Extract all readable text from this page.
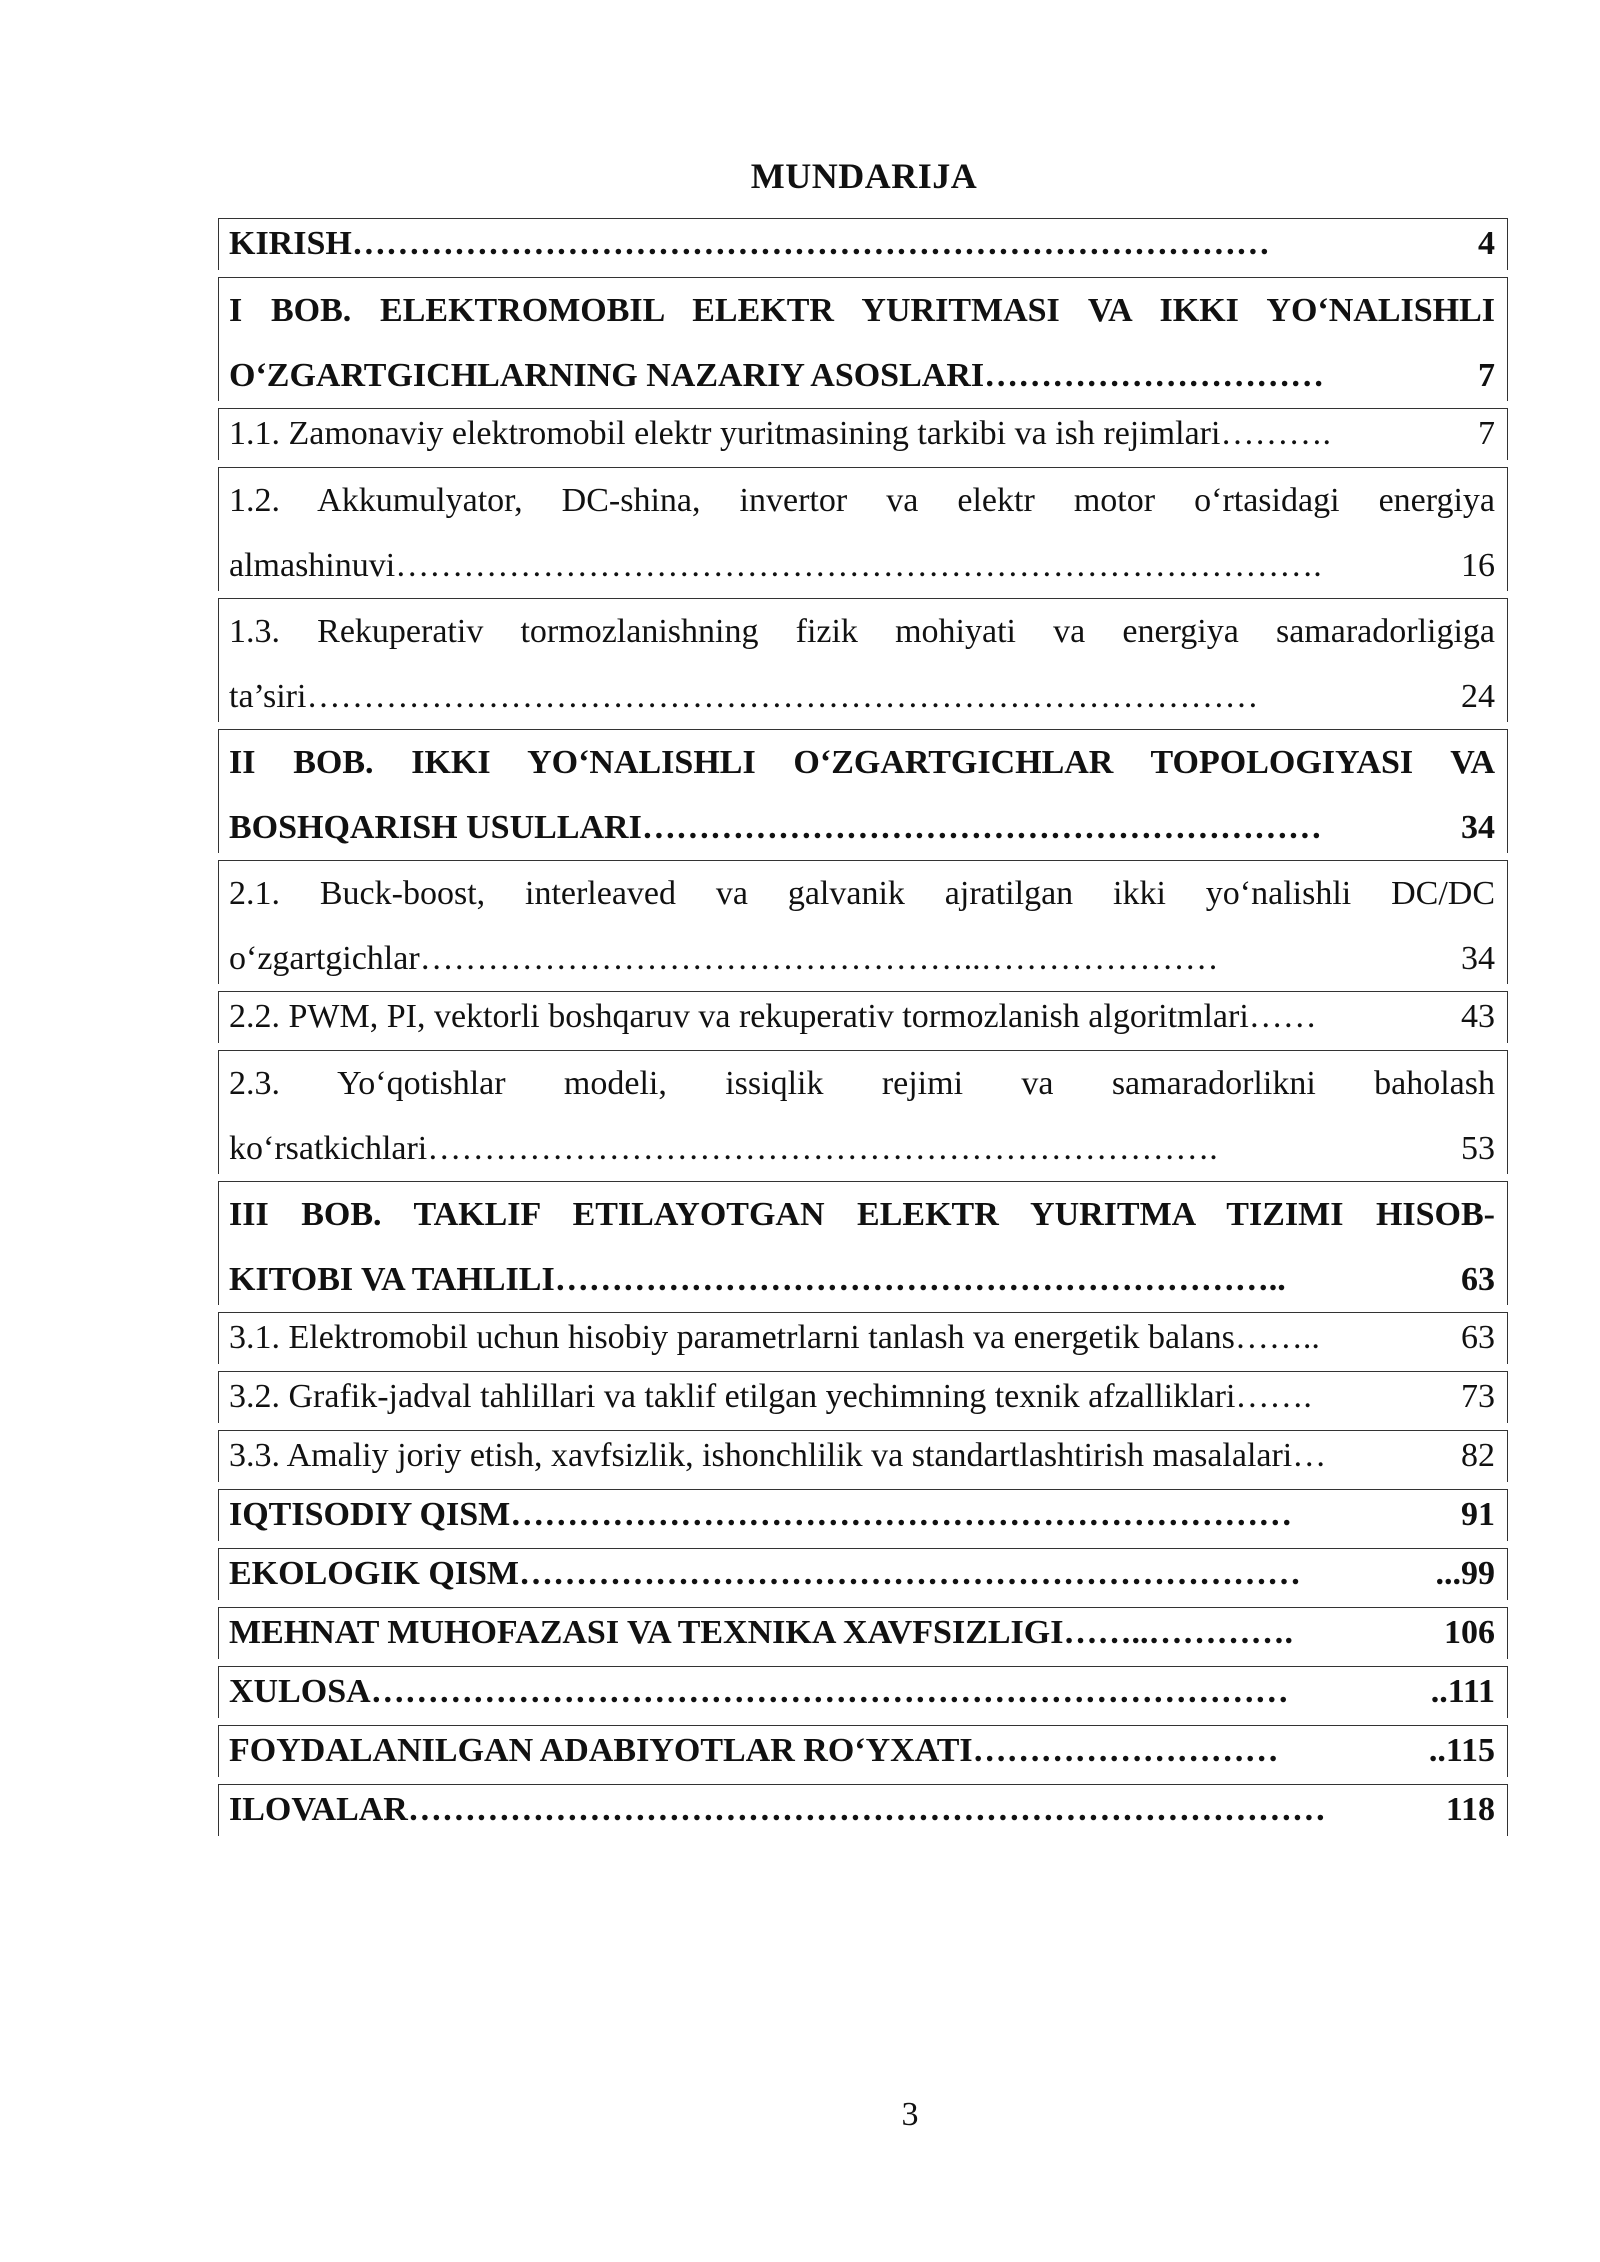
MUNDARIJA
KIRISH ………………………………………………………………………	4
I BOB. ELEKTROMOBIL ELEKTR YURITMASI VA IKKI YO‘NALISHLI
O‘ZGARTGICHLARNING NAZARIY ASOSLARI …………………………	7
1.1. Zamonaviy elektromobil elektr yuritmasining tarkibi va ish rejimlari ……….	7
1.2. Akkumulyator, DC-shina, invertor va elektr motor o‘rtasidagi energiya
almashinuvi ……………………………………………………………………….	16
1.3. Rekuperativ tormozlanishning fizik mohiyati va energiya samaradorligiga
ta’siri …………………………………………………………………………	24
II BOB. IKKI YO‘NALISHLI O‘ZGARTGICHLAR TOPOLOGIYASI VA
BOSHQARISH USULLARI ……………………………………………………	34
2.1. Buck-boost, interleaved va galvanik ajratilgan ikki yo‘nalishli DC/DC
o‘zgartgichlar …………………………………………..…………………	34
2.2. PWM, PI, vektorli boshqaruv va rekuperativ tormozlanish algoritmlari ……	43
2.3. Yo‘qotishlar modeli, issiqlik rejimi va samaradorlikni baholash
ko‘rsatkichlari …………………………………………………………….	53
III BOB. TAKLIF ETILAYOTGAN ELEKTR YURITMA TIZIMI HISOB-
KITOBI VA TAHLILI ………………………………………………………..	63
3.1. Elektromobil uchun hisobiy parametrlarni tanlash va energetik balans ……..	63
3.2. Grafik-jadval tahlillari va taklif etilgan yechimning texnik afzalliklari …….	73
3.3. Amaliy joriy etish, xavfsizlik, ishonchlilik va standartlashtirish masalalari …	82
IQTISODIY QISM ……………………………………………………………	91
EKOLOGIK QISM ……………………………………………………………	...99
MEHNAT MUHOFAZASI VA TEXNIKA XAVFSIZLIGI ……..………….	106
XULOSA ………………………………………………………………………	..111
FOYDALANILGAN ADABIYOTLAR RO‘YXATI ………………………	..115
ILOVALAR ………………………………………………………………………	118
3
